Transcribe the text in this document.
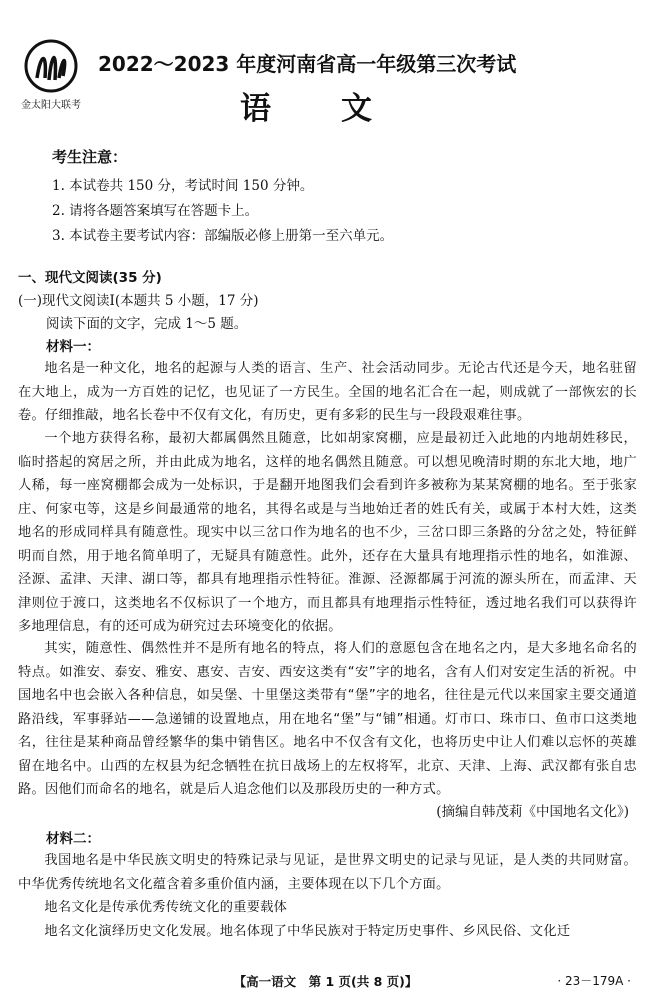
金太阳大联考
2022～2023 年度河南省高一年级第三次考试
语文
考生注意：
1. 本试卷共 150 分，考试时间 150 分钟。
2. 请将各题答案填写在答题卡上。
3. 本试卷主要考试内容：部编版必修上册第一至六单元。
一、现代文阅读(35 分)
(一)现代文阅读Ⅰ(本题共 5 小题，17 分)
阅读下面的文字，完成 1～5 题。
材料一：
地名是一种文化，地名的起源与人类的语言、生产、社会活动同步。无论古代还是今天，地名驻留在大地上，成为一方百姓的记忆，也见证了一方民生。全国的地名汇合在一起，则成就了一部恢宏的长卷。仔细推敲，地名长卷中不仅有文化，有历史，更有多彩的民生与一段段艰难往事。
一个地方获得名称，最初大都属偶然且随意，比如胡家窝棚，应是最初迁入此地的内地胡姓移民，临时搭起的窝居之所，并由此成为地名，这样的地名偶然且随意。可以想见晚清时期的东北大地，地广人稀，每一座窝棚都会成为一处标识，于是翻开地图我们会看到许多被称为某某窝棚的地名。至于张家庄、何家屯等，这是乡间最通常的地名，其得名或是与当地始迁者的姓氏有关，或属于本村大姓，这类地名的形成同样具有随意性。现实中以三岔口作为地名的也不少，三岔口即三条路的分岔之处，特征鲜明而自然，用于地名简单明了，无疑具有随意性。此外，还存在大量具有地理指示性的地名，如淮源、泾源、孟津、天津、湖口等，都具有地理指示性特征。淮源、泾源都属于河流的源头所在，而孟津、天津则位于渡口，这类地名不仅标识了一个地方，而且都具有地理指示性特征，透过地名我们可以获得许多地理信息，有的还可成为研究过去环境变化的依据。
其实，随意性、偶然性并不是所有地名的特点，将人们的意愿包含在地名之内，是大多地名命名的特点。如淮安、泰安、雅安、惠安、吉安、西安这类有“安”字的地名，含有人们对安定生活的祈祝。中国地名中也会嵌入各种信息，如吴堡、十里堡这类带有“堡”字的地名，往往是元代以来国家主要交通道路沿线，军事驿站——急递铺的设置地点，用在地名“堡”与“铺”相通。灯市口、珠市口、鱼市口这类地名，往往是某种商品曾经繁华的集中销售区。地名中不仅含有文化，也将历史中让人们难以忘怀的英雄留在地名中。山西的左权县为纪念牺牲在抗日战场上的左权将军，北京、天津、上海、武汉都有张自忠路。因他们而命名的地名，就是后人追念他们以及那段历史的一种方式。
(摘编自韩茂莉《中国地名文化》)
材料二：
我国地名是中华民族文明史的特殊记录与见证，是世界文明史的记录与见证，是人类的共同财富。中华优秀传统地名文化蕴含着多重价值内涵，主要体现在以下几个方面。
地名文化是传承优秀传统文化的重要载体
地名文化演绎历史文化发展。地名体现了中华民族对于特定历史事件、乡风民俗、文化迁
【高一语文　第 1 页(共 8 页)】	· 23－179A ·
